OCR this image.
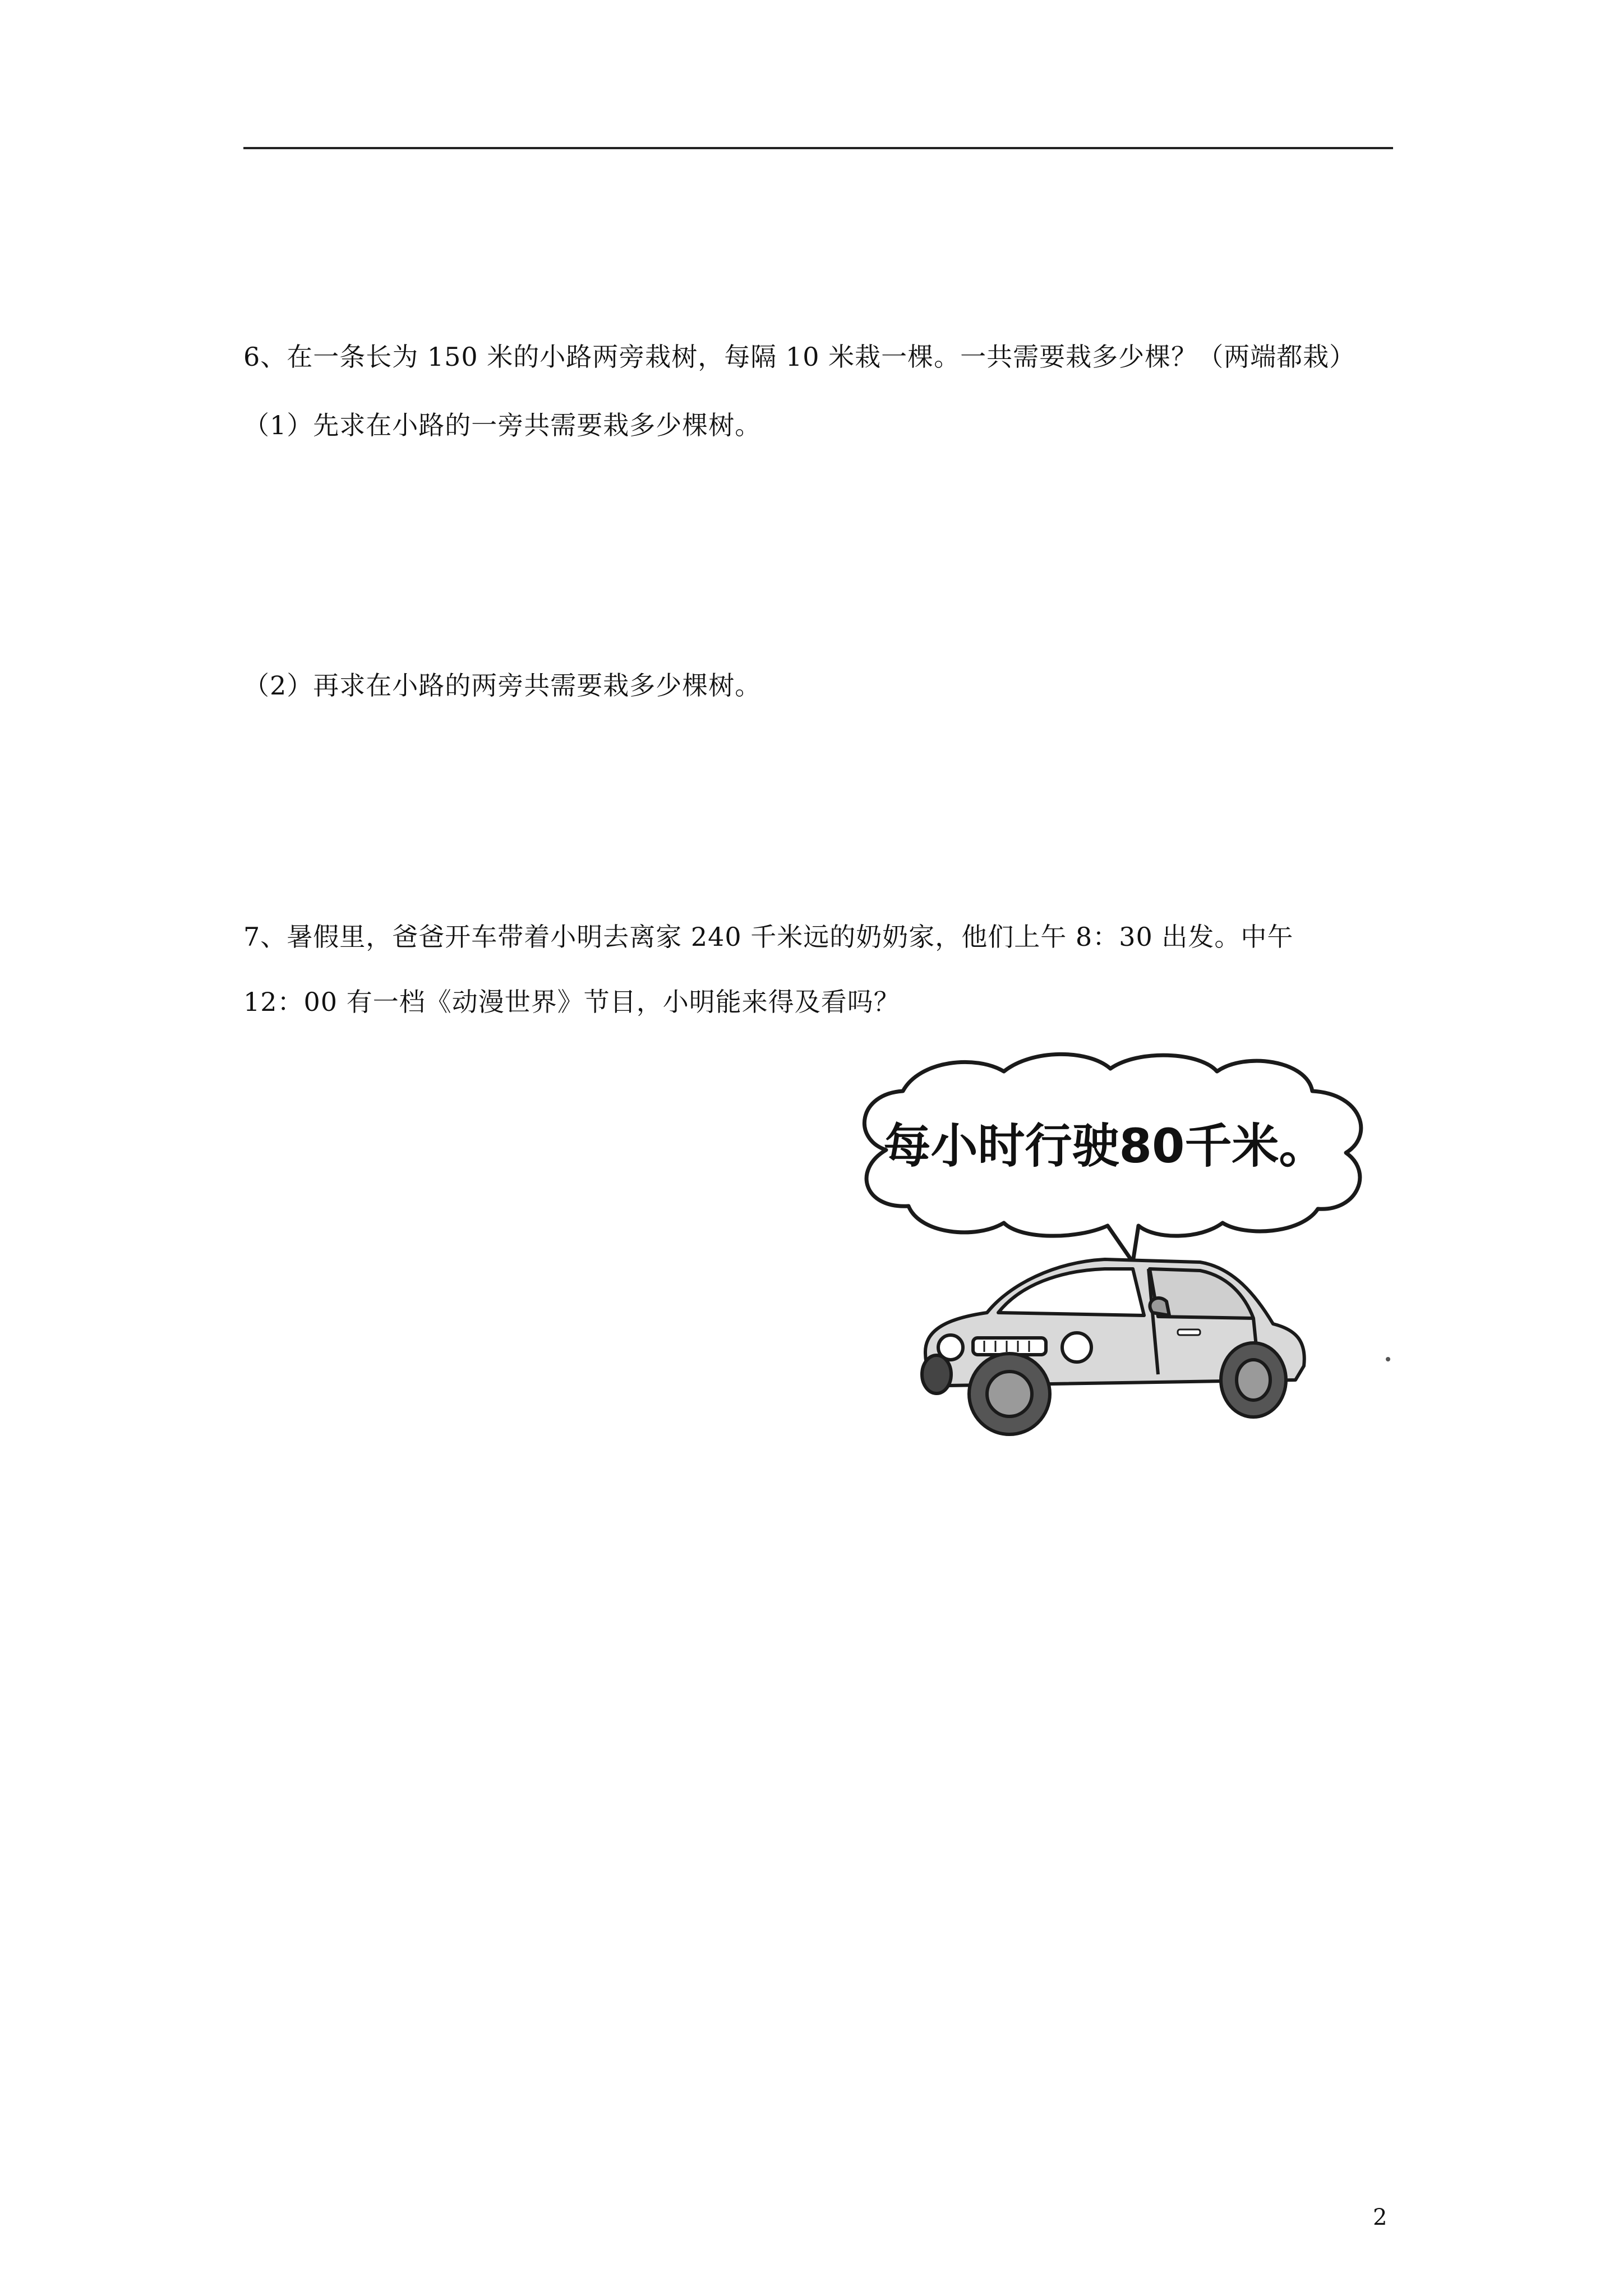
6、在一条长为 150 米的小路两旁栽树，每隔 10 米栽一棵。一共需要栽多少棵？（两端都栽）
（1）先求在小路的一旁共需要栽多少棵树。
（2）再求在小路的两旁共需要栽多少棵树。
7、暑假里，爸爸开车带着小明去离家 240 千米远的奶奶家，他们上午 8：30 出发。中午
12：00 有一档《动漫世界》节目，小明能来得及看吗？
每小时行驶80千米。
2
